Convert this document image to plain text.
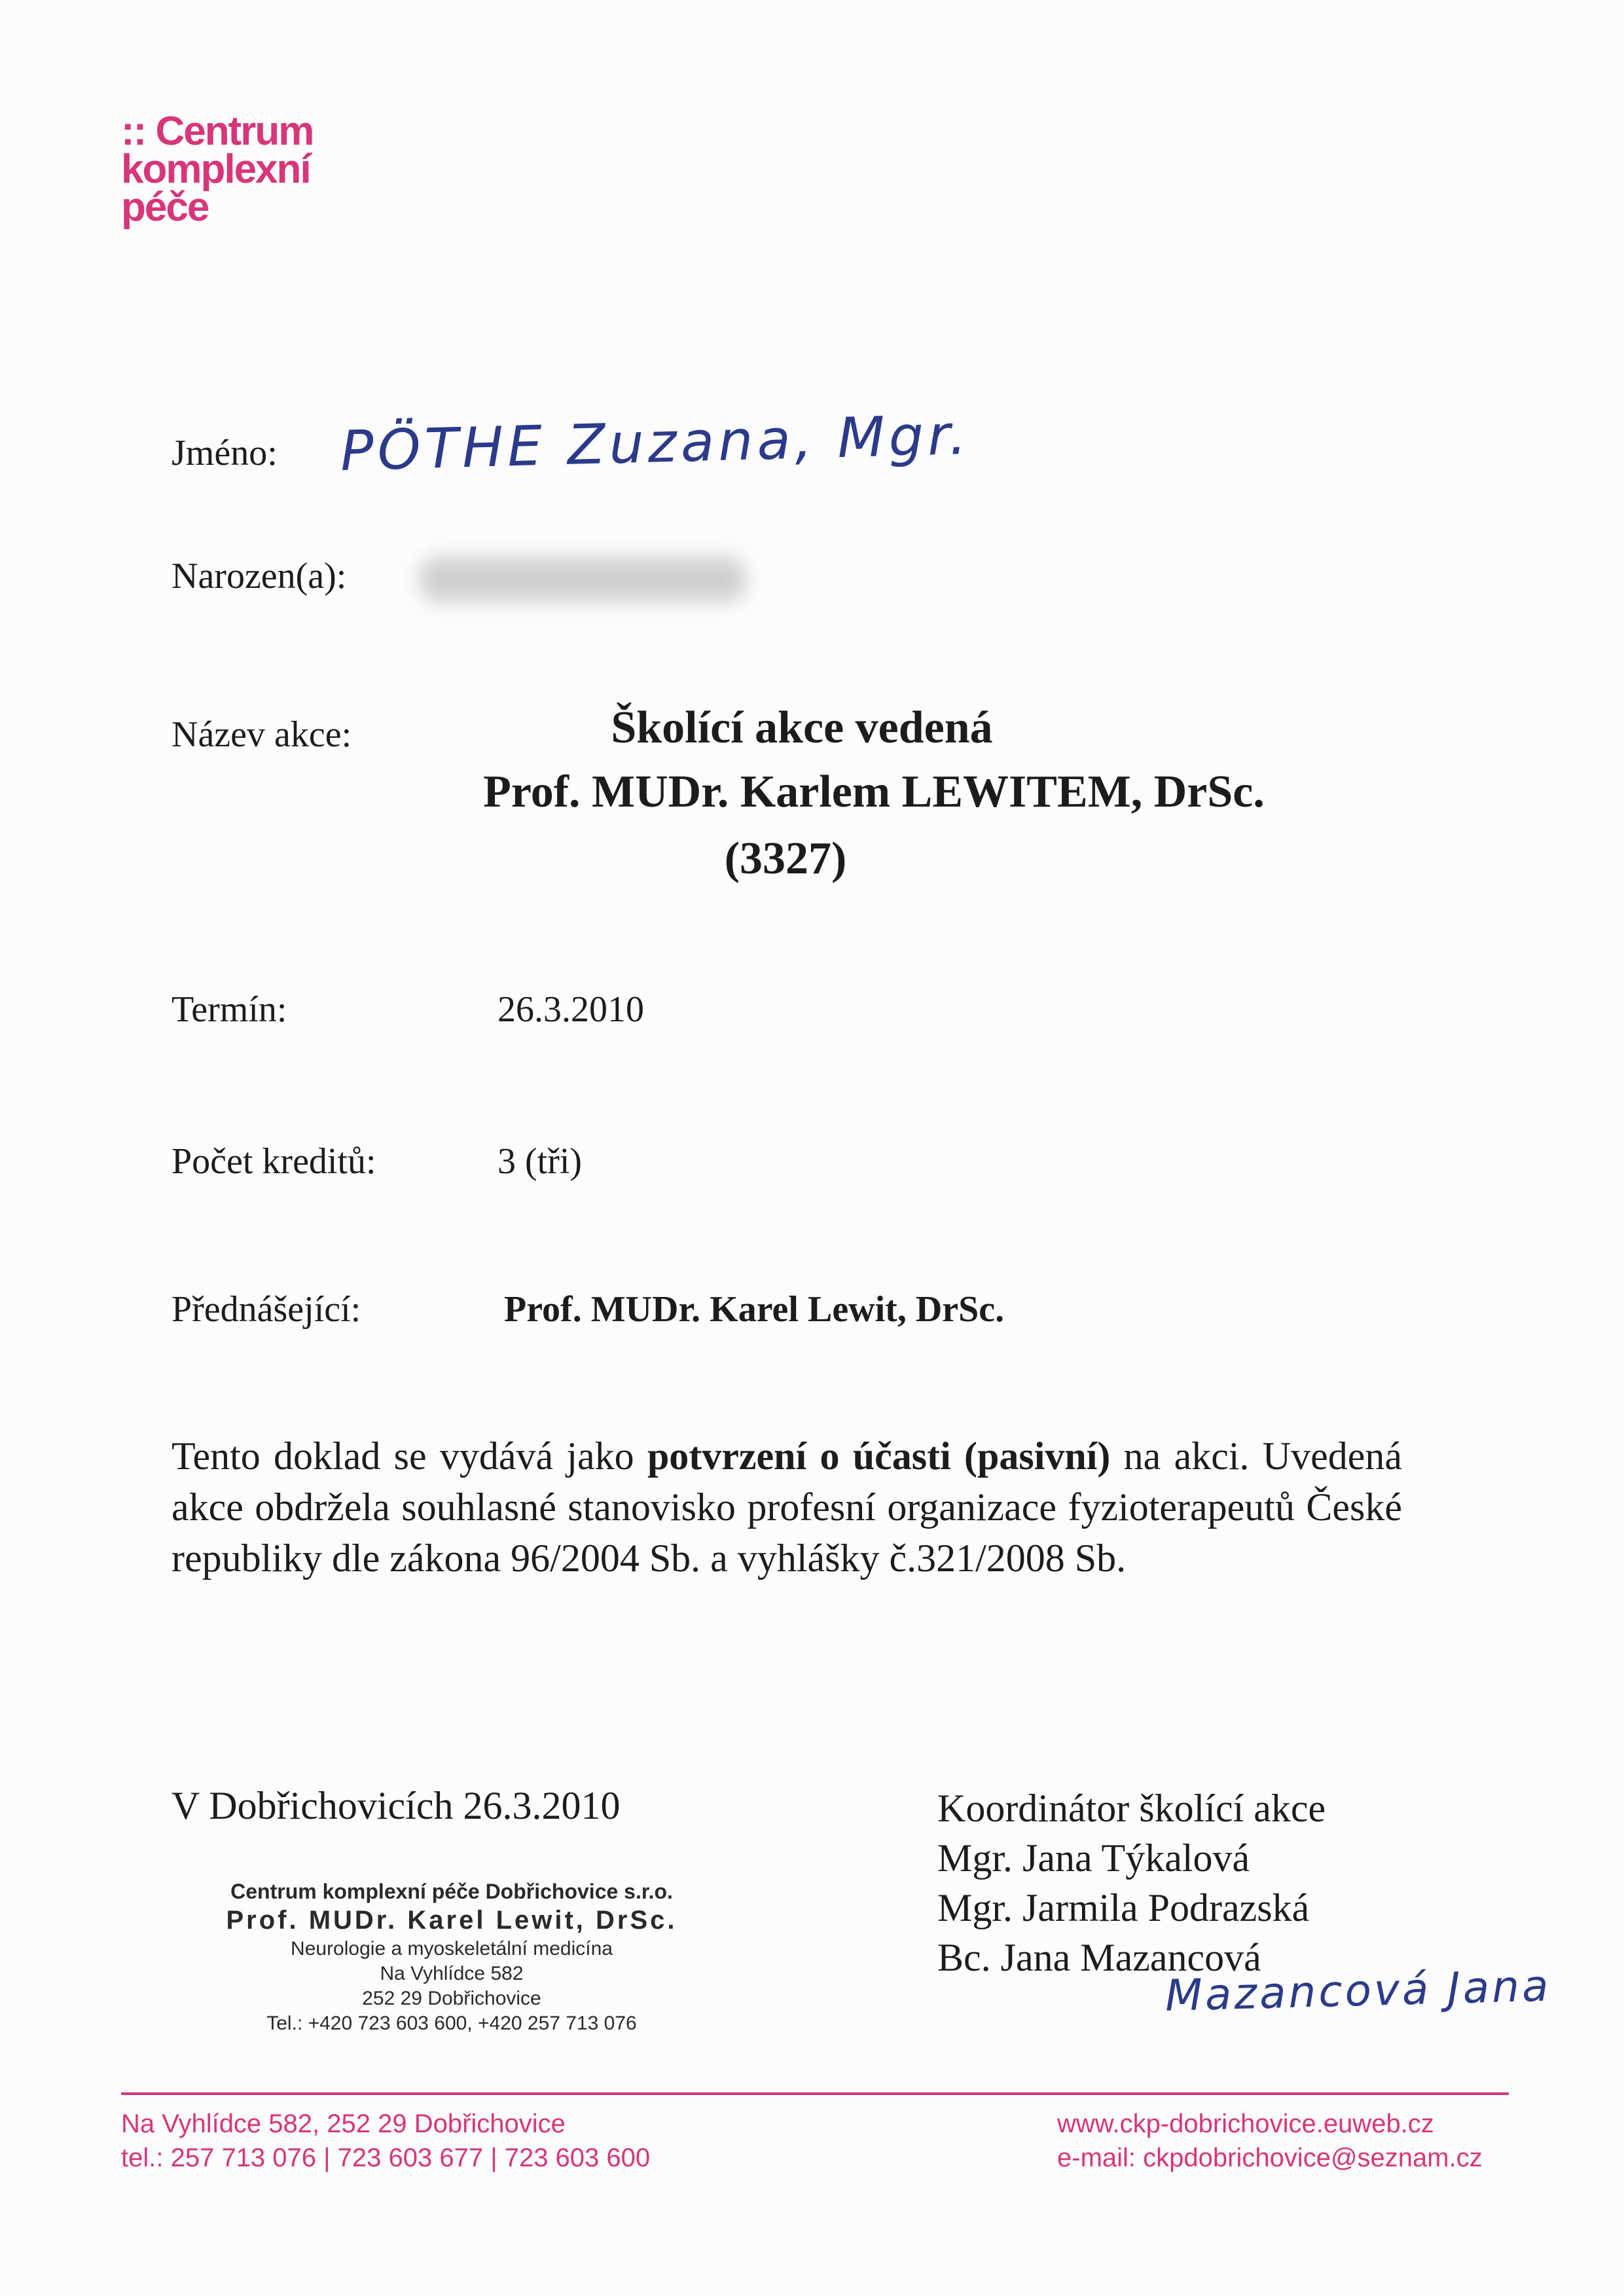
:: Centrum
komplexní
péče
Jméno: PÖTHE Zuzana, Mgr.
Narozen(a):
Název akce:	Školící akce vedená
Prof. MUDr. Karlem LEWITEM, DrSc.
(3327)
Termín:	26.3.2010
Počet kreditů:	3 (tři)
Přednášející:	Prof. MUDr. Karel Lewit, DrSc.
Tento doklad se vydává jako potvrzení o účasti (pasivní) na akci. Uvedená akce obdržela souhlasné stanovisko profesní organizace fyzioterapeutů České republiky dle zákona 96/2004 Sb. a vyhlášky č.321/2008 Sb.
V Dobřichovicích 26.3.2010	Koordinátor školící akce
Mgr. Jana Týkalová
Mgr. Jarmila Podrazská
Bc. Jana Mazancová
Mazancová Jana
Centrum komplexní péče Dobřichovice s.r.o.
Prof. MUDr. Karel Lewit, DrSc.
Neurologie a myoskeletální medicína
Na Vyhlídce 582
252 29 Dobřichovice
Tel.: +420 723 603 600, +420 257 713 076
Na Vyhlídce 582, 252 29 Dobřichovice
tel.: 257 713 076 | 723 603 677 | 723 603 600
www.ckp-dobrichovice.euweb.cz
e-mail: ckpdobrichovice@seznam.cz
